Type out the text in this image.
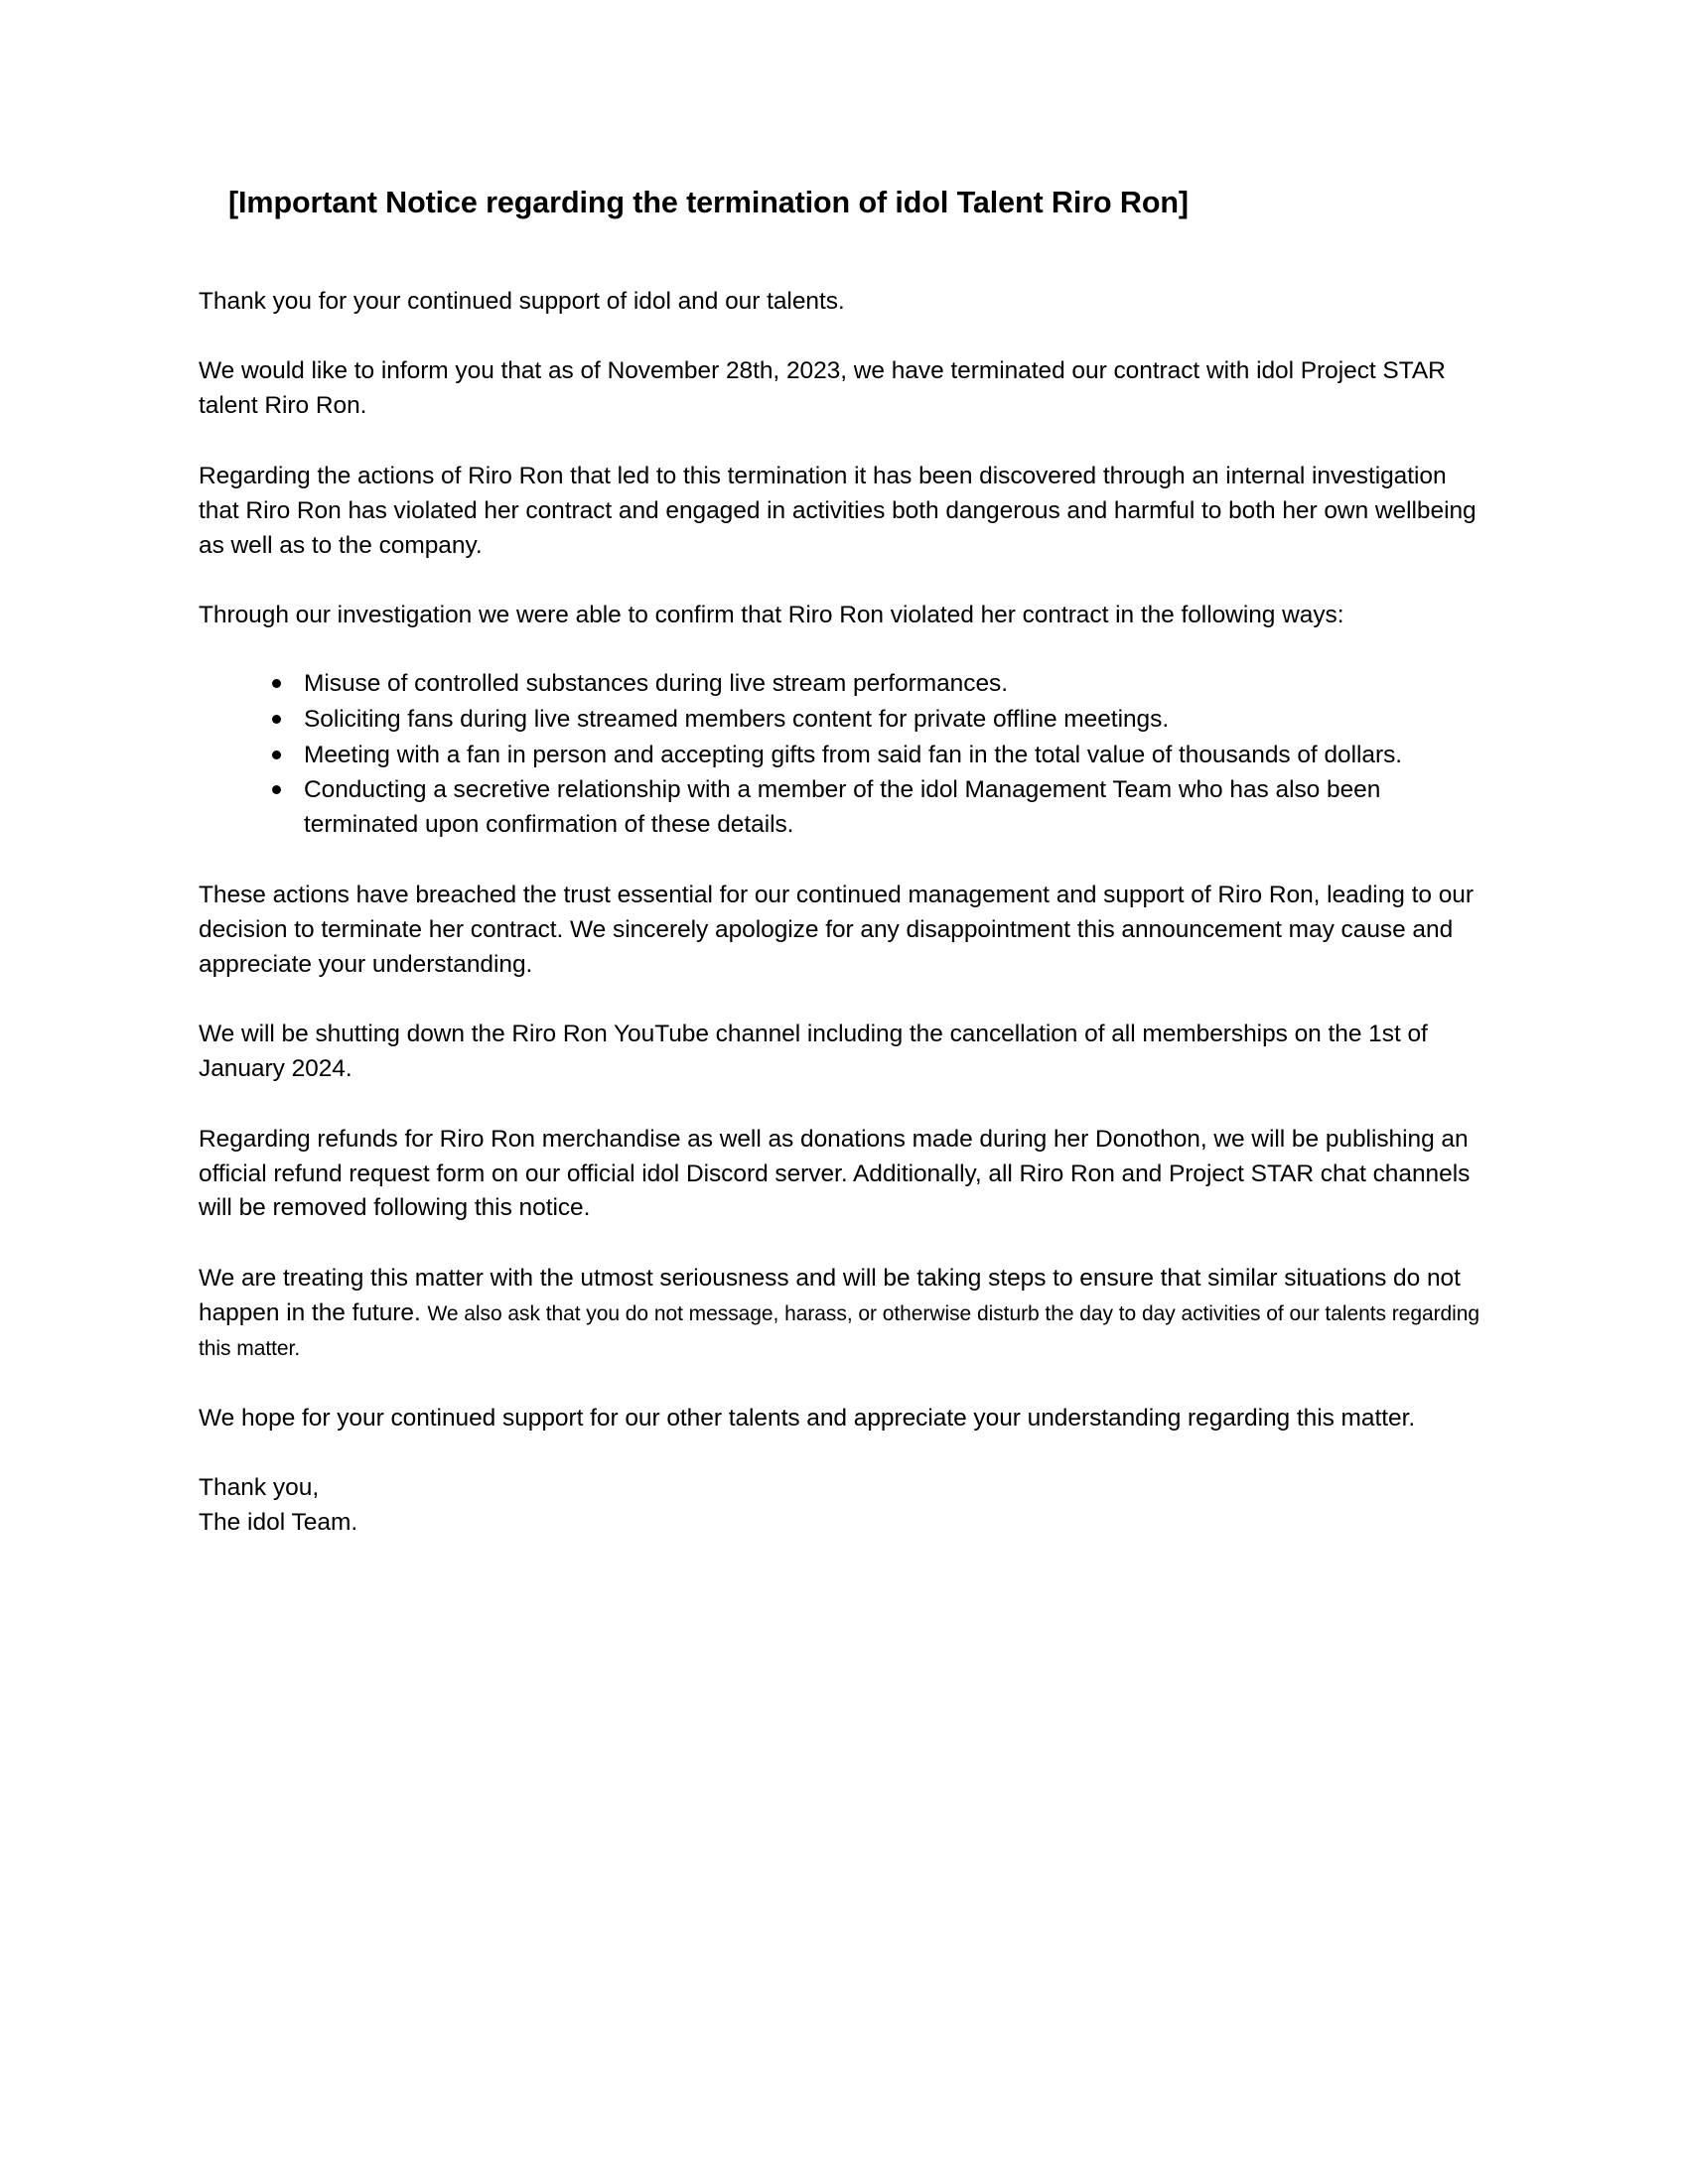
[Important Notice regarding the termination of idol Talent Riro Ron]

Thank you for your continued support of idol and our talents.

We would like to inform you that as of November 28th, 2023, we have terminated our contract with idol Project STAR talent Riro Ron.

Regarding the actions of Riro Ron that led to this termination it has been discovered through an internal investigation that Riro Ron has violated her contract and engaged in activities both dangerous and harmful to both her own wellbeing as well as to the company.

Through our investigation we were able to confirm that Riro Ron violated her contract in the following ways:

Misuse of controlled substances during live stream performances.
Soliciting fans during live streamed members content for private offline meetings.
Meeting with a fan in person and accepting gifts from said fan in the total value of thousands of dollars.
Conducting a secretive relationship with a member of the idol Management Team who has also been terminated upon confirmation of these details.

These actions have breached the trust essential for our continued management and support of Riro Ron, leading to our decision to terminate her contract. We sincerely apologize for any disappointment this announcement may cause and appreciate your understanding.

We will be shutting down the Riro Ron YouTube channel including the cancellation of all memberships on the 1st of January 2024.

Regarding refunds for Riro Ron merchandise as well as donations made during her Donothon, we will be publishing an official refund request form on our official idol Discord server. Additionally, all Riro Ron and Project STAR chat channels will be removed following this notice.

We are treating this matter with the utmost seriousness and will be taking steps to ensure that similar situations do not happen in the future. We also ask that you do not message, harass, or otherwise disturb the day to day activities of our talents regarding this matter.

We hope for your continued support for our other talents and appreciate your understanding regarding this matter.

Thank you,
The idol Team.
